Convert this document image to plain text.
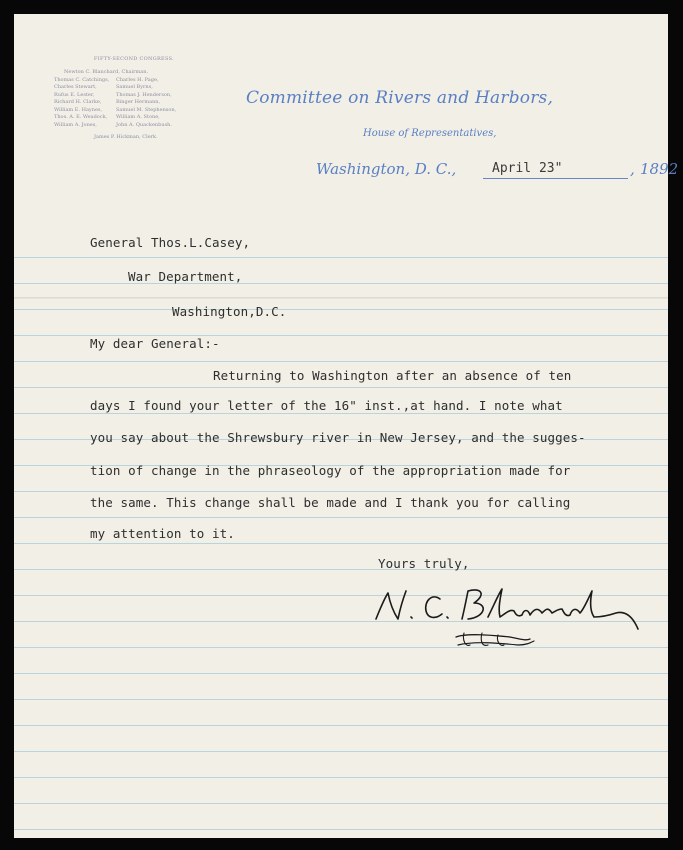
FIFTY-SECOND CONGRESS.
Newton C. Blanchard, Chairman.
Thomas C. Catchings,	Charles H. Page,
Charles Stewart,	Samuel Byrns,
Rufus E. Lester,	Thomas J. Henderson,
Richard H. Clarke,	Binger Hermann,
William E. Haynes,	Samuel M. Stephenson,
Thos. A. E. Weadock,	William A. Stone,
William A. Jones,	John A. Quackenbush.
James P. Hickman, Clerk.
Committee on Rivers and Harbors,
House of Representatives,
Washington, D. C.,	April 23"	, 1892
General Thos.L.Casey,
War Department,
Washington,D.C.
My dear General:-
Returning to Washington after an absence of ten
days I found your letter of the 16" inst.,at hand. I note what
you say about the Shrewsbury river in New Jersey, and the sugges-
tion of change in the phraseology of the appropriation made for
the same. This change shall be made and I thank you for calling
my attention to it.
Yours truly,
